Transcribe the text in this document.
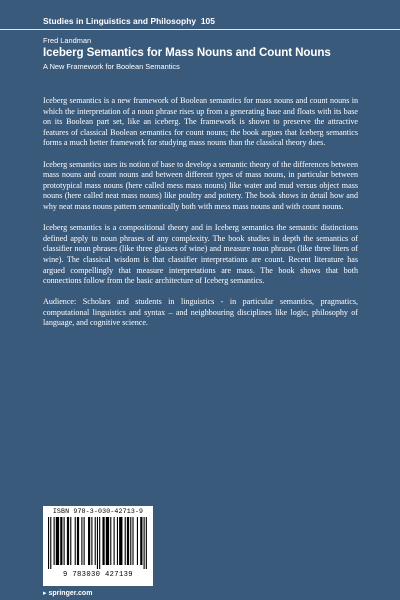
Studies in Linguistics and Philosophy 105
Fred Landman
Iceberg Semantics for Mass Nouns and Count Nouns
A New Framework for Boolean Semantics

Iceberg semantics is a new framework of Boolean semantics for mass nouns and count nouns in which the interpretation of a noun phrase rises up from a generating base and floats with its base on its Boolean part set, like an iceberg. The framework is shown to preserve the attractive features of classical Boolean semantics for count nouns; the book argues that Iceberg semantics forms a much better framework for studying mass nouns than the classical theory does.

Iceberg semantics uses its notion of base to develop a semantic theory of the differences between mass nouns and count nouns and between different types of mass nouns, in particular between prototypical mass nouns (here called mess mass nouns) like water and mud versus object mass nouns (here called neat mass nouns) like poultry and pottery. The book shows in detail how and why neat mass nouns pattern semantically both with mess mass nouns and with count nouns.

Iceberg semantics is a compositional theory and in Iceberg semantics the semantic distinctions defined apply to noun phrases of any complexity. The book studies in depth the semantics of classifier noun phrases (like three glasses of wine) and measure noun phrases (like three liters of wine). The classical wisdom is that classifier interpretations are count. Recent literature has argued compellingly that measure interpretations are mass. The book shows that both connections follow from the basic architecture of Iceberg semantics.

Audience: Scholars and students in linguistics - in particular semantics, pragmatics, computational linguistics and syntax – and neighbouring disciplines like logic, philosophy of language, and cognitive science.

ISBN 978-3-030-42713-9
9 783030 427139
▸ springer.com
